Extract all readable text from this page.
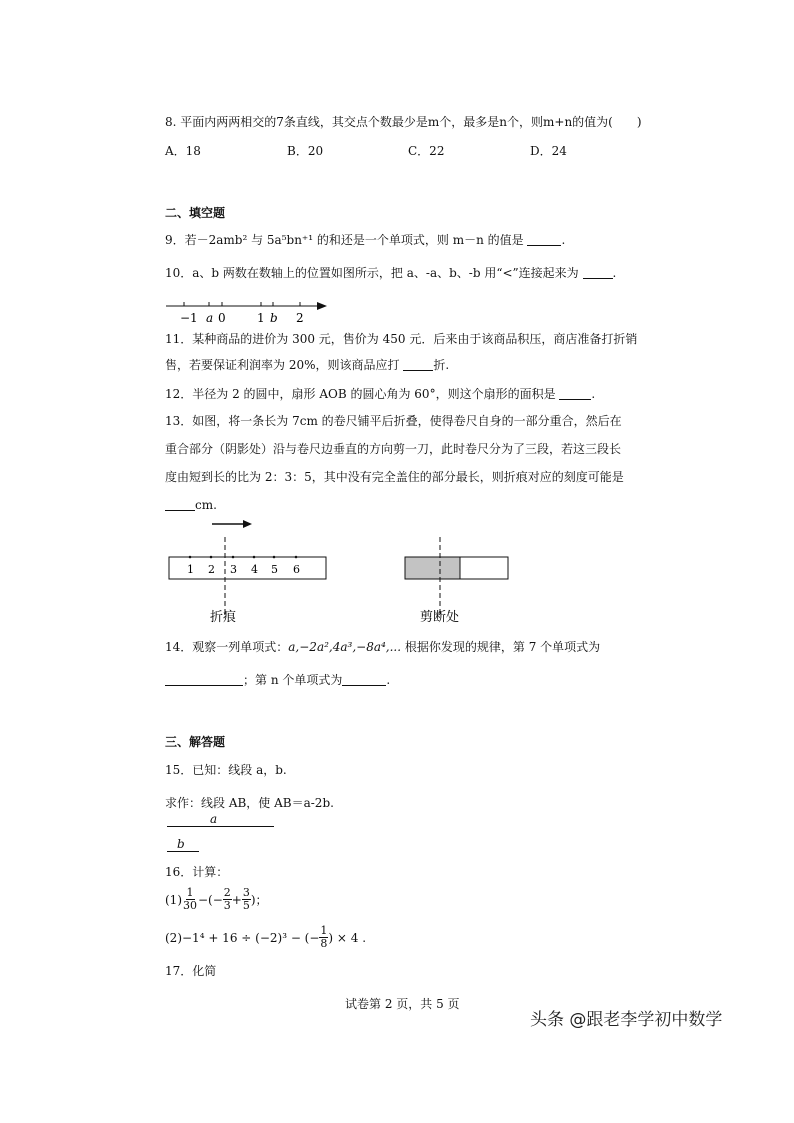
8. 平面内两两相交的7条直线，其交点个数最少是m个，最多是n个，则m+n的值为(　　)
A．18	B．20	C．22	D．24
二、填空题
9．若－2amb² 与 5a⁵bn⁺¹ 的和还是一个单项式，则 m－n 的值是	.
10．a、b 两数在数轴上的位置如图所示，把 a、-a、b、-b 用“<”连接起来为	.
−1 a 0	1 b 2
11．某种商品的进价为 300 元，售价为 450 元．后来由于该商品积压，商店准备打折销
售，若要保证利润率为 20%，则该商品应打	折.
12．半径为 2 的圆中，扇形 AOB 的圆心角为 60°，则这个扇形的面积是	.
13．如图，将一条长为 7cm 的卷尺铺平后折叠，使得卷尺自身的一部分重合，然后在
重合部分（阴影处）沿与卷尺边垂直的方向剪一刀，此时卷尺分为了三段，若这三段长
度由短到长的比为 2：3：5，其中没有完全盖住的部分最长，则折痕对应的刻度可能是
cm.
1 2 3 4 5 6
折痕	剪断处
14．观察一列单项式：a,−2a²,4a³,−8a⁴,... 根据你发现的规律，第 7 个单项式为
；第 n 个单项式为	.
三、解答题
15．已知：线段 a，b.
求作：线段 AB，使 AB＝a-2b.
a
b
16．计算：
$(1) \frac{1}{30}$ −(− $\frac{2}{3} + \frac{3}{5}$ )；
(2) −1⁴ + 16 ÷ (−2)³ − (− $\frac{1}{8}$ ) × 4 .
17．化简
试卷第 2 页，共 5 页
头条 @跟老李学初中数学
